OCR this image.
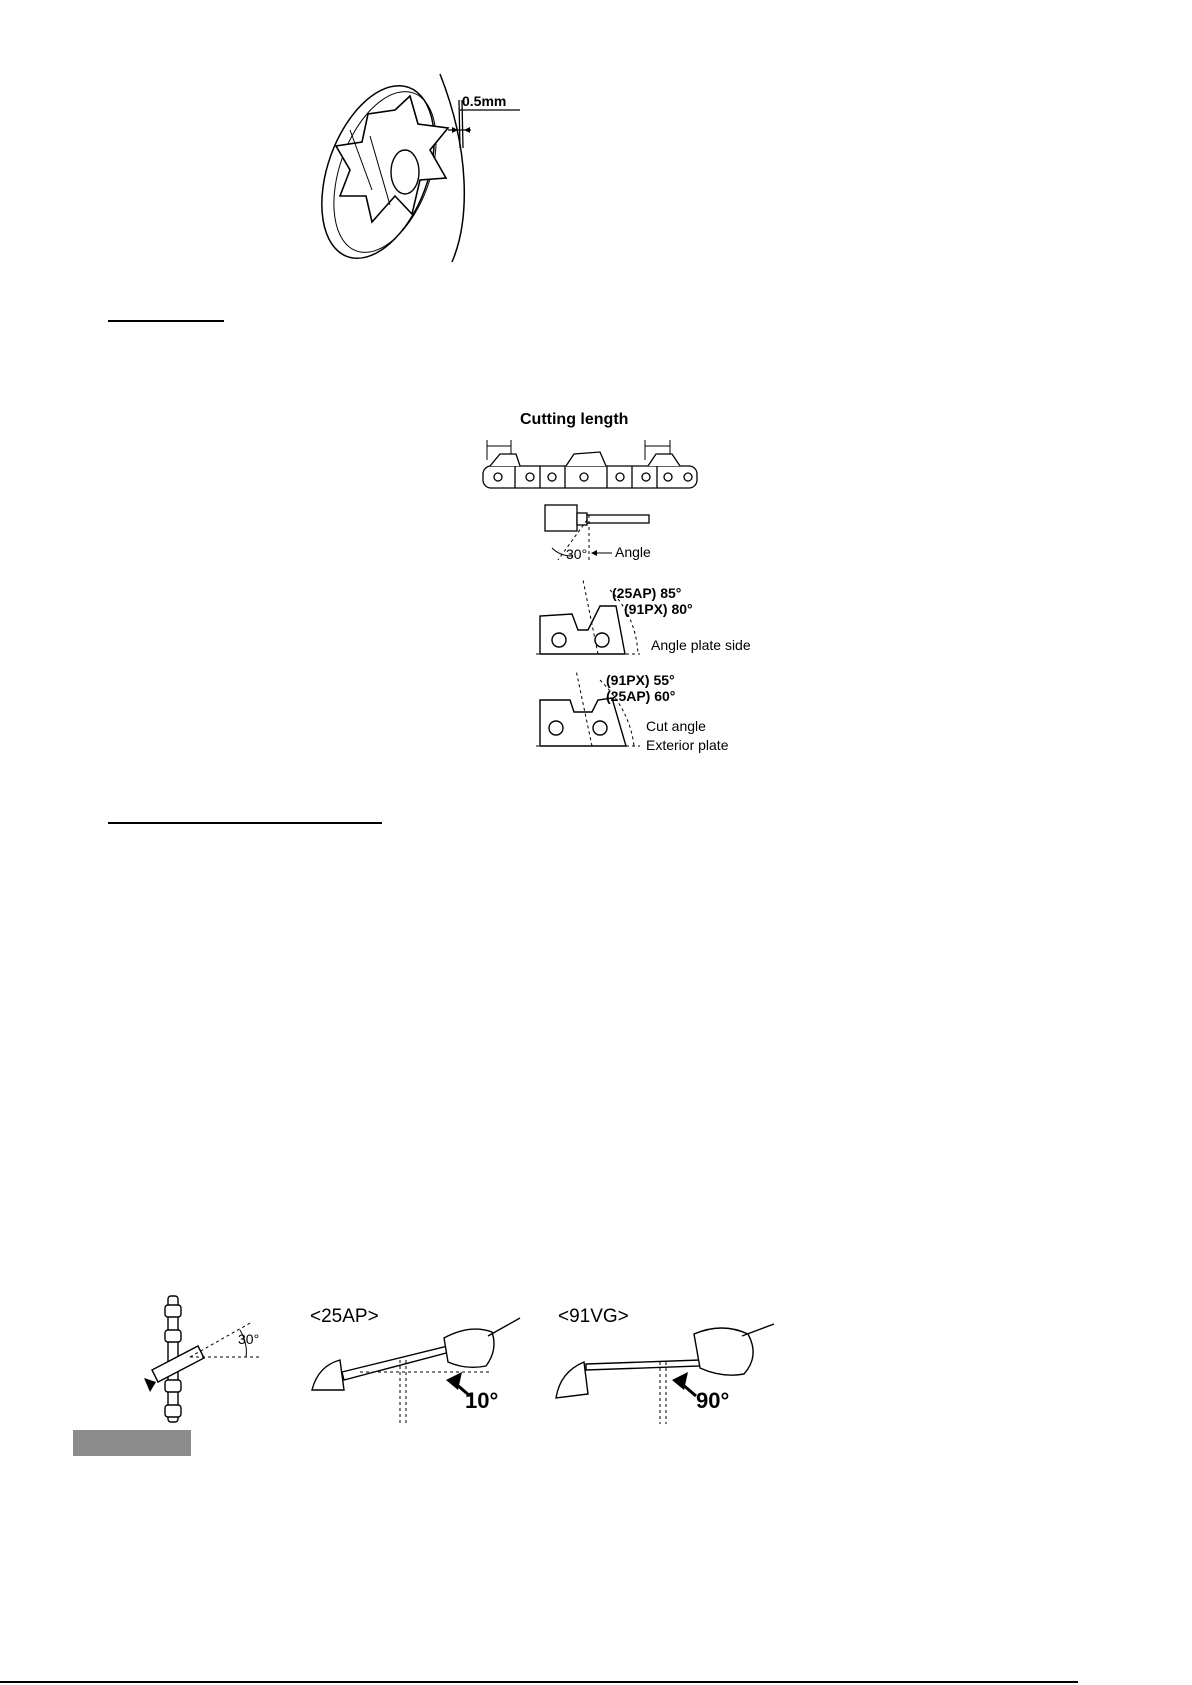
0.5mm
Cutting length
30° Angle
(25AP) 85°
(91PX) 80°
Angle plate side
(91PX) 55°
(25AP) 60°
Cut angle
Exterior plate
30°
<25AP>
10°
<91VG>
90°
